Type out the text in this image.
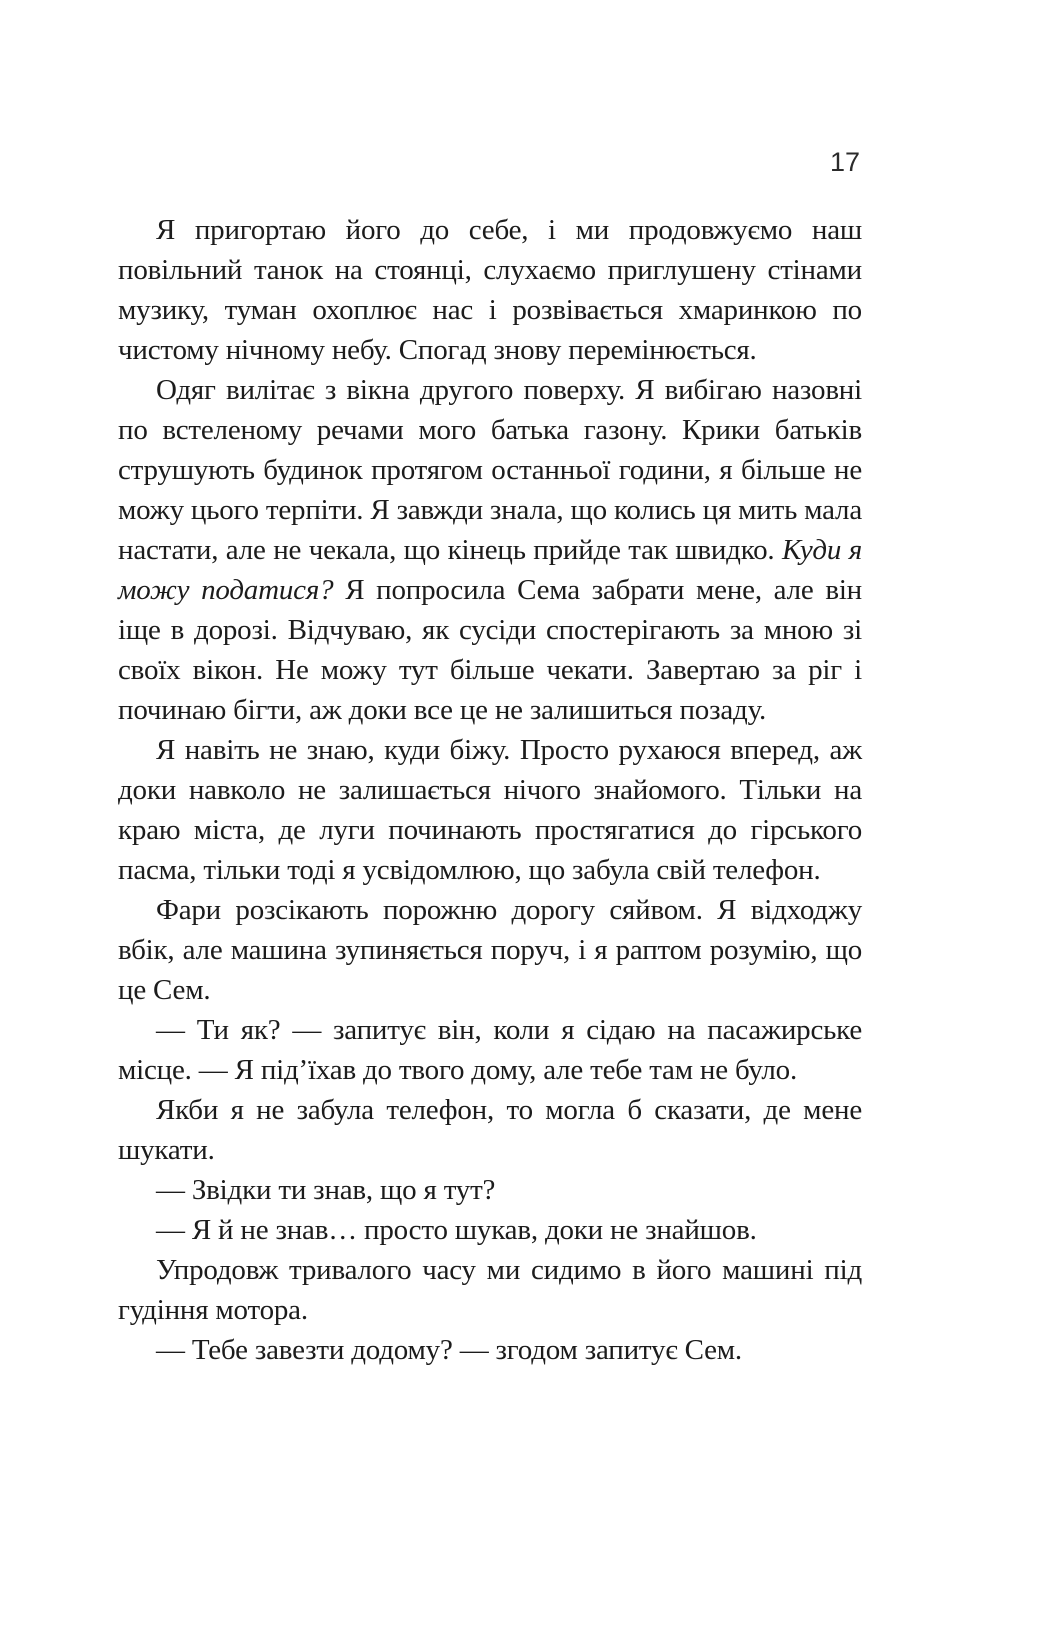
17

Я пригортаю його до себе, і ми продовжуємо наш повільний танок на стоянці, слухаємо приглушену стінами музику, туман охоплює нас і розвівається хмаринкою по чистому нічному небу. Спогад знову перемінюється.

Одяг вилітає з вікна другого поверху. Я вибігаю назовні по встеленому речами мого батька газону. Крики батьків струшують будинок протягом останньої години, я більше не можу цього терпіти. Я завжди знала, що колись ця мить мала настати, але не чекала, що кінець прийде так швидко. Куди я можу податися? Я попросила Сема забрати мене, але він іще в дорозі. Відчуваю, як сусіди спостерігають за мною зі своїх вікон. Не можу тут більше чекати. Завертаю за ріг і починаю бігти, аж доки все це не залишиться позаду.

Я навіть не знаю, куди біжу. Просто рухаюся вперед, аж доки навколо не залишається нічого знайомого. Тільки на краю міста, де луги починають простягатися до гірського пасма, тільки тоді я усвідомлюю, що забула свій телефон.

Фари розсікають порожню дорогу сяйвом. Я відходжу вбік, але машина зупиняється поруч, і я раптом розумію, що це Сем.

— Ти як? — запитує він, коли я сідаю на пасажирське місце. — Я підʼїхав до твого дому, але тебе там не було.

Якби я не забула телефон, то могла б сказати, де мене шукати.

— Звідки ти знав, що я тут?

— Я й не знав… просто шукав, доки не знайшов.

Упродовж тривалого часу ми сидимо в його машині під гудіння мотора.

— Тебе завезти додому? — згодом запитує Сем.
